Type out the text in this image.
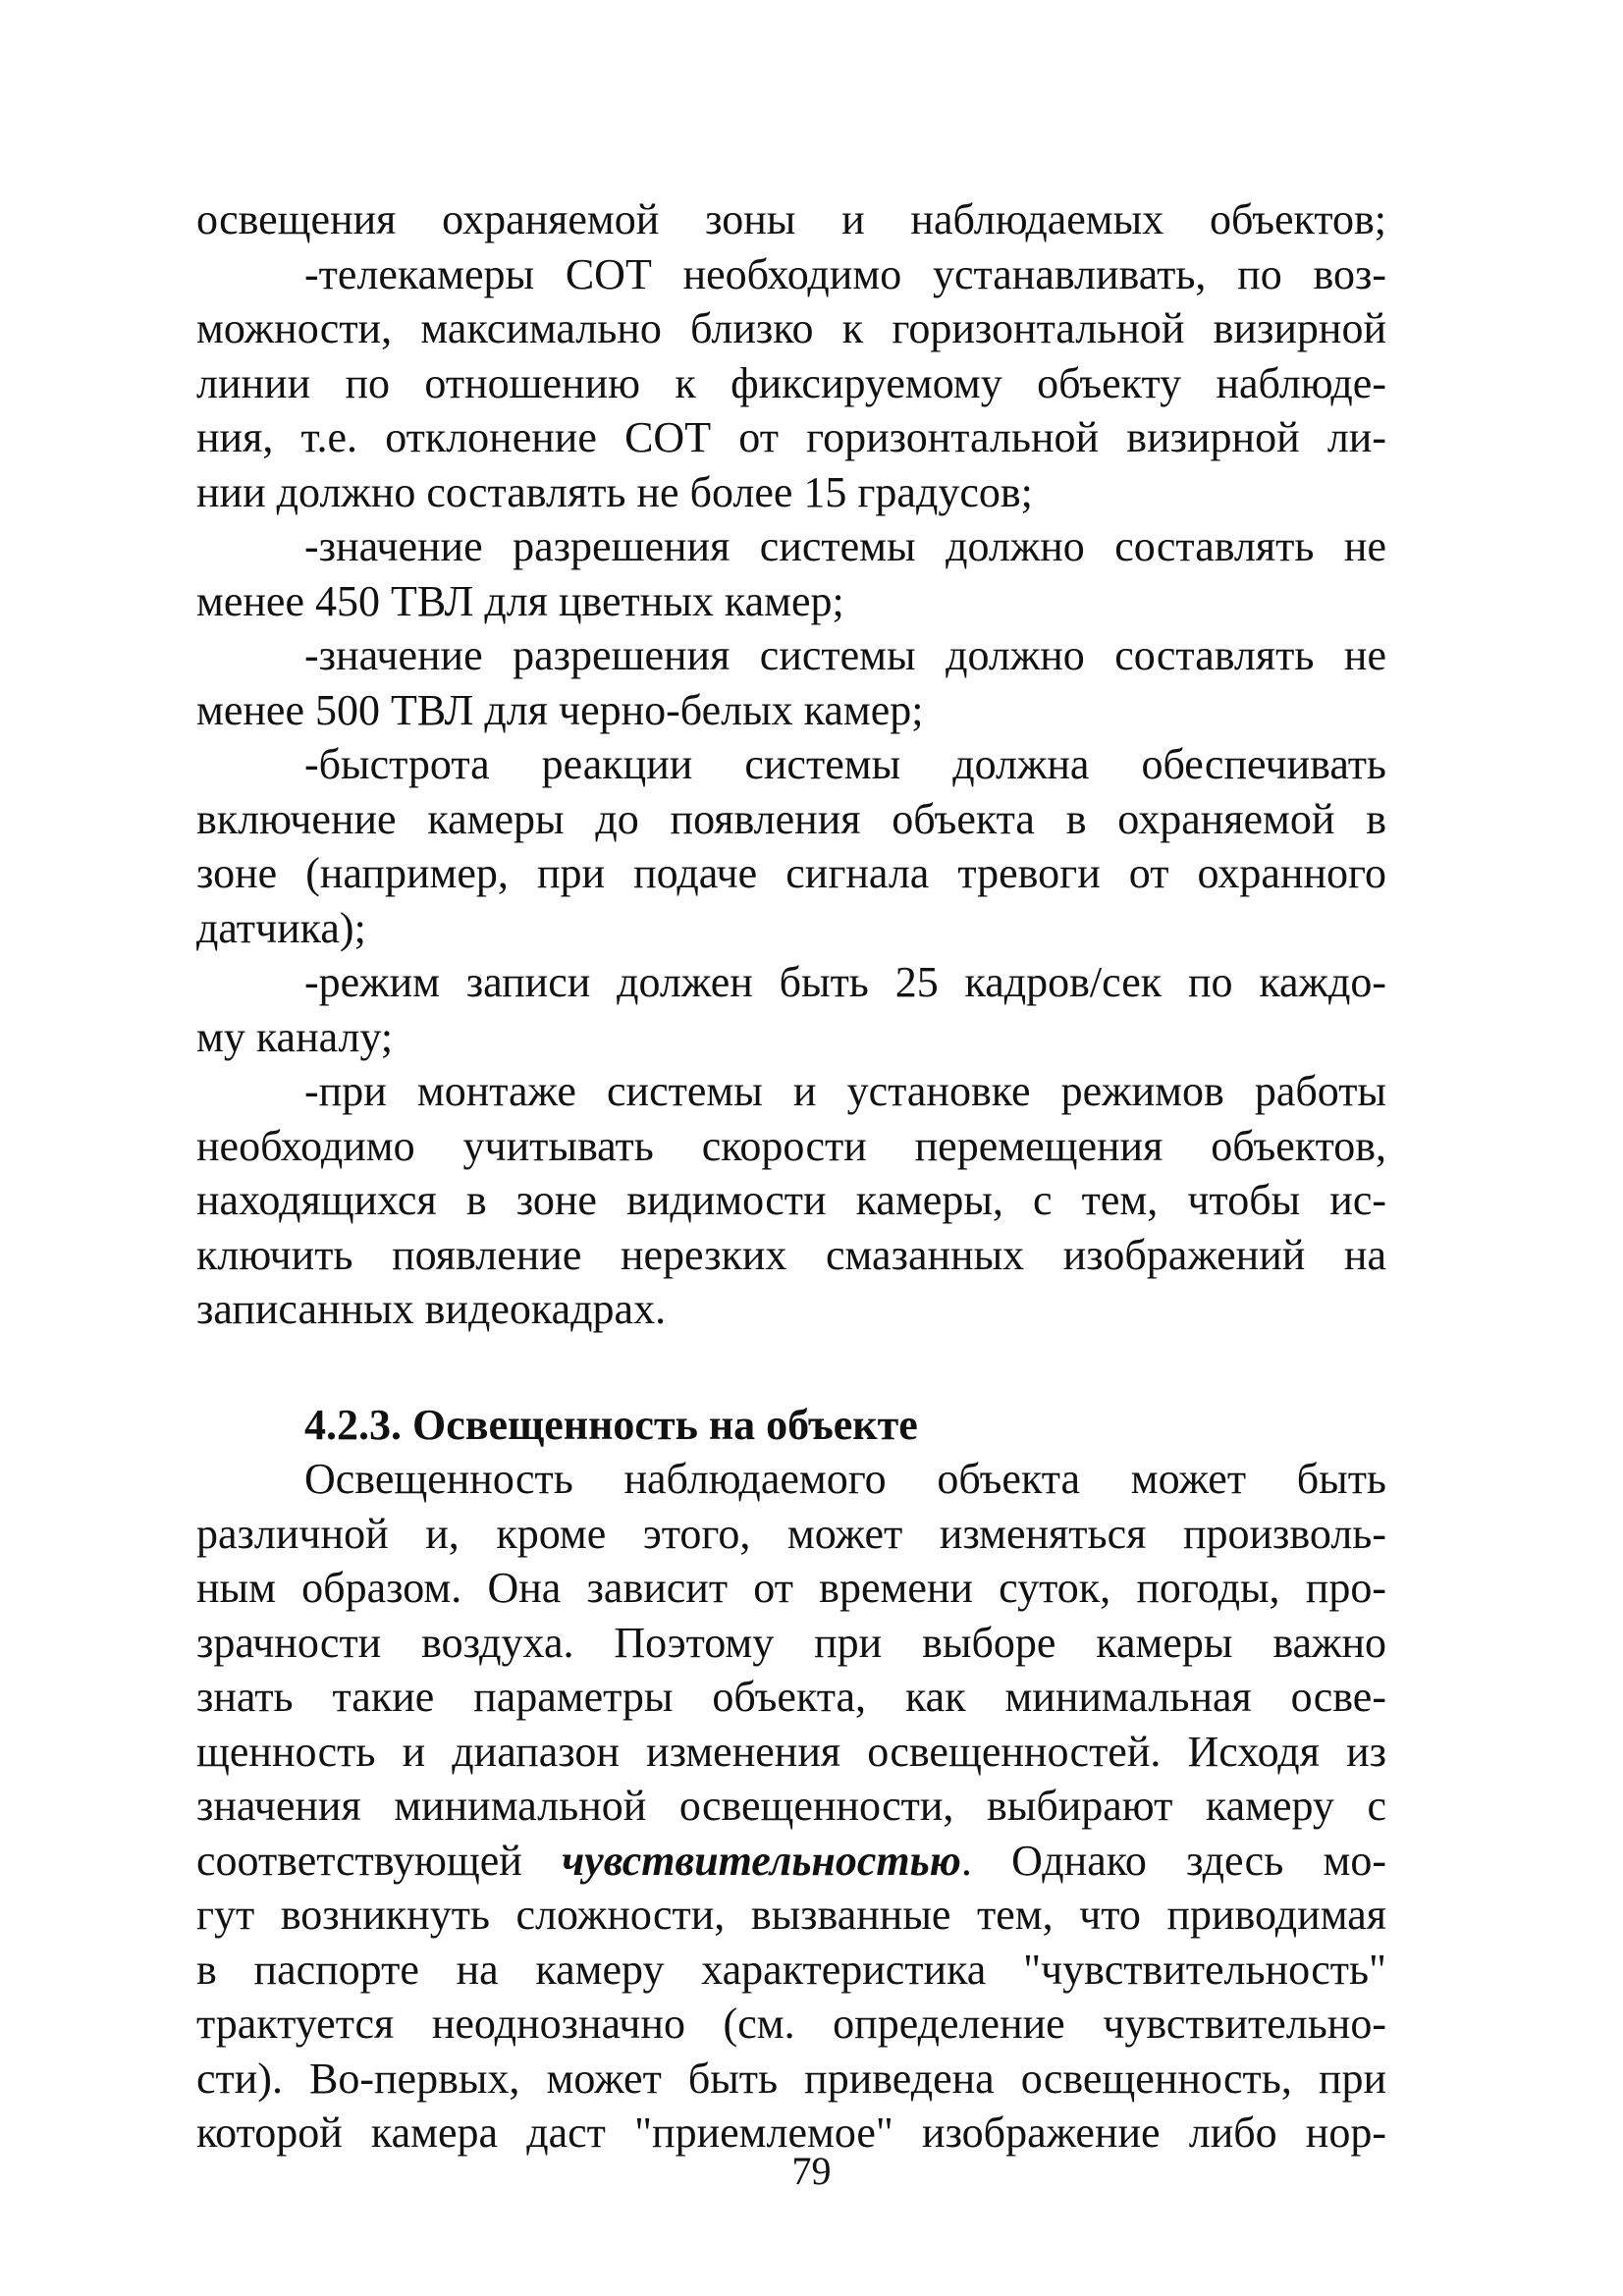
освещения охраняемой зоны и наблюдаемых объектов;
-телекамеры СОТ необходимо устанавливать, по воз-
можности, максимально близко к горизонтальной визирной
линии по отношению к фиксируемому объекту наблюде-
ния, т.е. отклонение СОТ от горизонтальной визирной ли-
нии должно составлять не более 15 градусов;
-значение разрешения системы должно составлять не
менее 450 ТВЛ для цветных камер;
-значение разрешения системы должно составлять не
менее 500 ТВЛ для черно-белых камер;
-быстрота реакции системы должна обеспечивать
включение камеры до появления объекта в охраняемой в
зоне (например, при подаче сигнала тревоги от охранного
датчика);
-режим записи должен быть 25 кадров/сек по каждо-
му каналу;
-при монтаже системы и установке режимов работы
необходимо учитывать скорости перемещения объектов,
находящихся в зоне видимости камеры, с тем, чтобы ис-
ключить появление нерезких смазанных изображений на
записанных видеокадрах.
4.2.3. Освещенность на объекте
Освещенность наблюдаемого объекта может быть
различной и, кроме этого, может изменяться произволь-
ным образом. Она зависит от времени суток, погоды, про-
зрачности воздуха. Поэтому при выборе камеры важно
знать такие параметры объекта, как минимальная осве-
щенность и диапазон изменения освещенностей. Исходя из
значения минимальной освещенности, выбирают камеру с
соответствующей чувствительностью. Однако здесь мо-
гут возникнуть сложности, вызванные тем, что приводимая
в паспорте на камеру характеристика "чувствительность"
трактуется неоднозначно (см. определение чувствительно-
сти). Во-первых, может быть приведена освещенность, при
которой камера даст "приемлемое" изображение либо нор-
79
